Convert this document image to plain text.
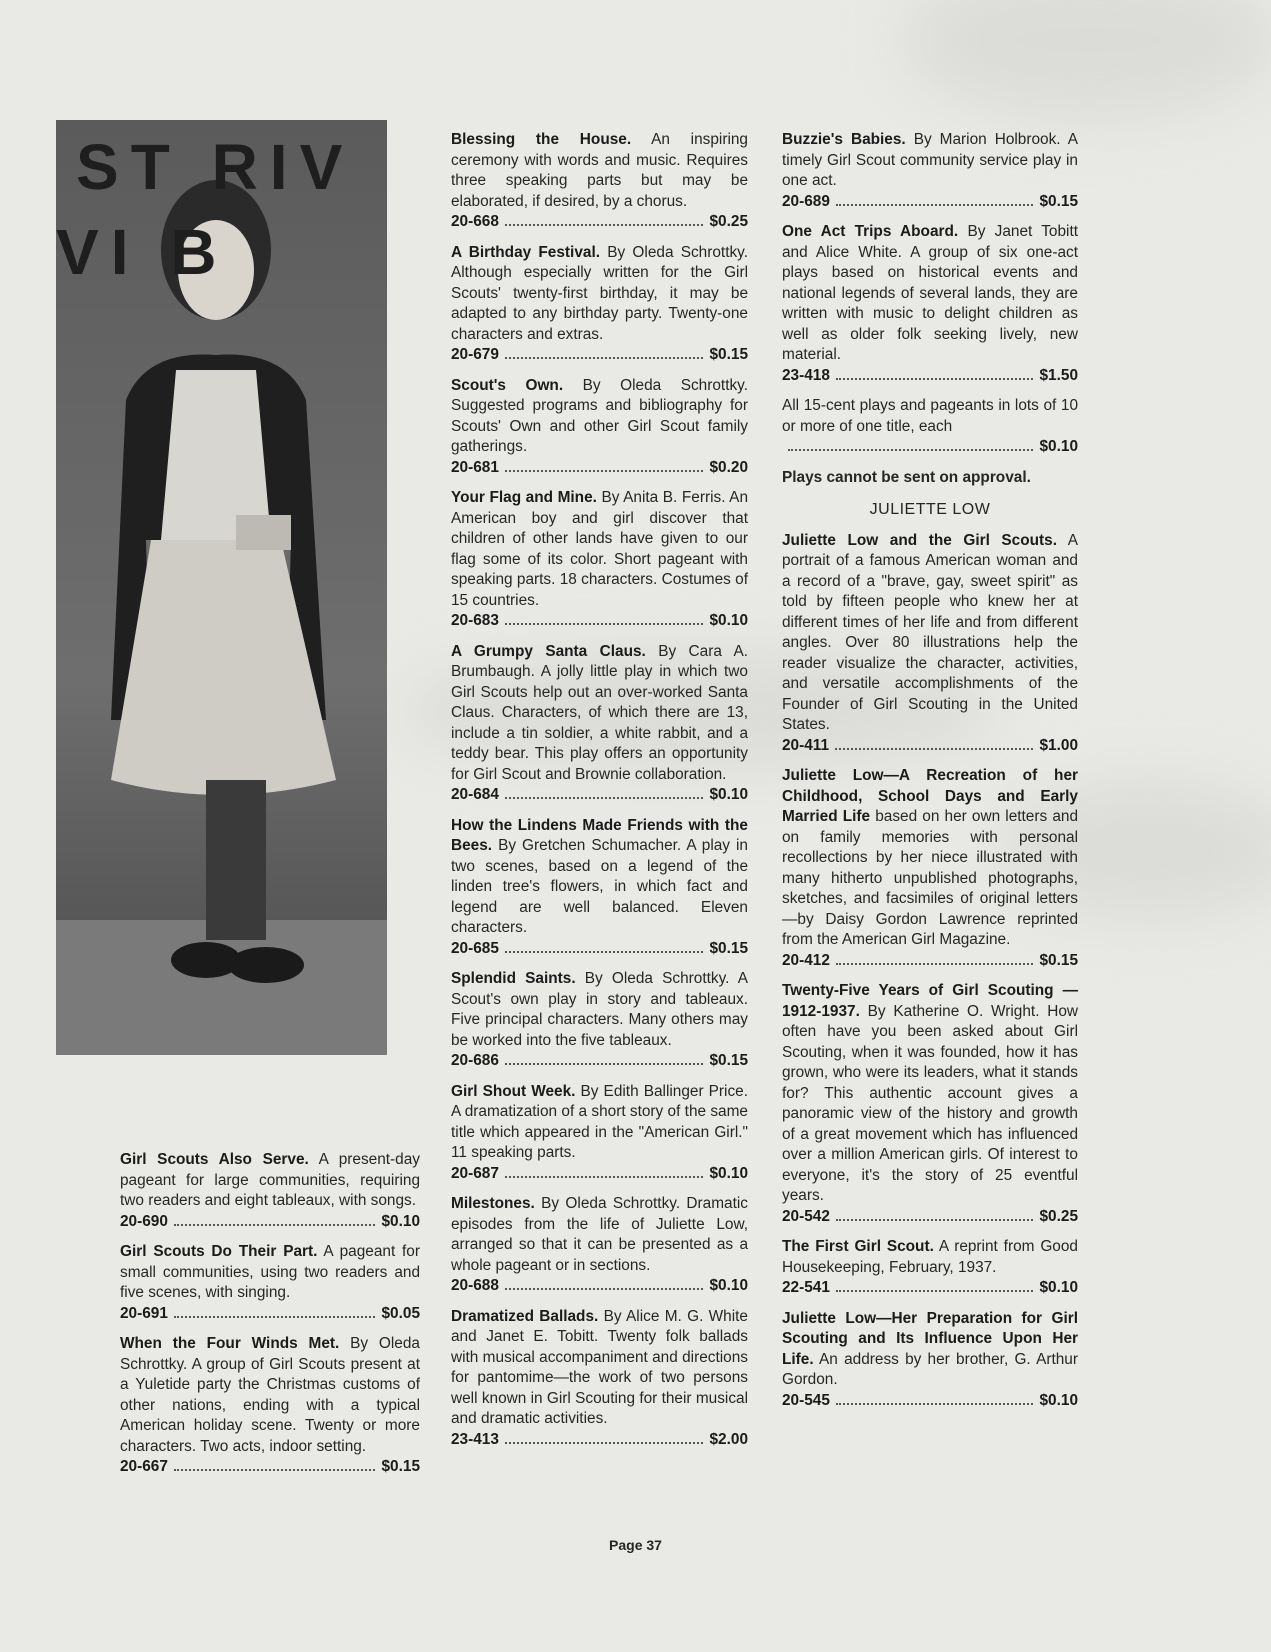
ST RIV
VI B
Girl Scouts Also Serve. A present-day pageant for large communities, requiring two readers and eight tableaux, with songs.
20-690	$0.10
Girl Scouts Do Their Part. A pageant for small communities, using two readers and five scenes, with singing.
20-691	$0.05
When the Four Winds Met. By Oleda Schrottky. A group of Girl Scouts present at a Yuletide party the Christmas customs of other nations, ending with a typical American holiday scene. Twenty or more characters. Two acts, indoor setting.
20-667	$0.15
Blessing the House. An inspiring ceremony with words and music. Requires three speaking parts but may be elaborated, if desired, by a chorus.
20-668	$0.25
A Birthday Festival. By Oleda Schrottky. Although especially written for the Girl Scouts' twenty-first birthday, it may be adapted to any birthday party. Twenty-one characters and extras.
20-679	$0.15
Scout's Own. By Oleda Schrottky. Suggested programs and bibliography for Scouts' Own and other Girl Scout family gatherings.
20-681	$0.20
Your Flag and Mine. By Anita B. Ferris. An American boy and girl discover that children of other lands have given to our flag some of its color. Short pageant with speaking parts. 18 characters. Costumes of 15 countries.
20-683	$0.10
A Grumpy Santa Claus. By Cara A. Brumbaugh. A jolly little play in which two Girl Scouts help out an over-worked Santa Claus. Characters, of which there are 13, include a tin soldier, a white rabbit, and a teddy bear. This play offers an opportunity for Girl Scout and Brownie collaboration.
20-684	$0.10
How the Lindens Made Friends with the Bees. By Gretchen Schumacher. A play in two scenes, based on a legend of the linden tree's flowers, in which fact and legend are well balanced. Eleven characters.
20-685	$0.15
Splendid Saints. By Oleda Schrottky. A Scout's own play in story and tableaux. Five principal characters. Many others may be worked into the five tableaux.
20-686	$0.15
Girl Shout Week. By Edith Ballinger Price. A dramatization of a short story of the same title which appeared in the "American Girl." 11 speaking parts.
20-687	$0.10
Milestones. By Oleda Schrottky. Dramatic episodes from the life of Juliette Low, arranged so that it can be presented as a whole pageant or in sections.
20-688	$0.10
Dramatized Ballads. By Alice M. G. White and Janet E. Tobitt. Twenty folk ballads with musical accompaniment and directions for pantomime—the work of two persons well known in Girl Scouting for their musical and dramatic activities.
23-413	$2.00
Buzzie's Babies. By Marion Holbrook. A timely Girl Scout community service play in one act.
20-689	$0.15
One Act Trips Aboard. By Janet Tobitt and Alice White. A group of six one-act plays based on historical events and national legends of several lands, they are written with music to delight children as well as older folk seeking lively, new material.
23-418	$1.50
All 15-cent plays and pageants in lots of 10 or more of one title, each
$0.10
Plays cannot be sent on approval.
JULIETTE LOW
Juliette Low and the Girl Scouts. A portrait of a famous American woman and a record of a "brave, gay, sweet spirit" as told by fifteen people who knew her at different times of her life and from different angles. Over 80 illustrations help the reader visualize the character, activities, and versatile accomplishments of the Founder of Girl Scouting in the United States.
20-411	$1.00
Juliette Low—A Recreation of her Childhood, School Days and Early Married Life based on her own letters and on family memories with personal recollections by her niece illustrated with many hitherto unpublished photographs, sketches, and facsimiles of original letters—by Daisy Gordon Lawrence reprinted from the American Girl Magazine.
20-412	$0.15
Twenty-Five Years of Girl Scouting — 1912-1937. By Katherine O. Wright. How often have you been asked about Girl Scouting, when it was founded, how it has grown, who were its leaders, what it stands for? This authentic account gives a panoramic view of the history and growth of a great movement which has influenced over a million American girls. Of interest to everyone, it's the story of 25 eventful years.
20-542	$0.25
The First Girl Scout. A reprint from Good Housekeeping, February, 1937.
22-541	$0.10
Juliette Low—Her Preparation for Girl Scouting and Its Influence Upon Her Life. An address by her brother, G. Arthur Gordon.
20-545	$0.10
Page 37
